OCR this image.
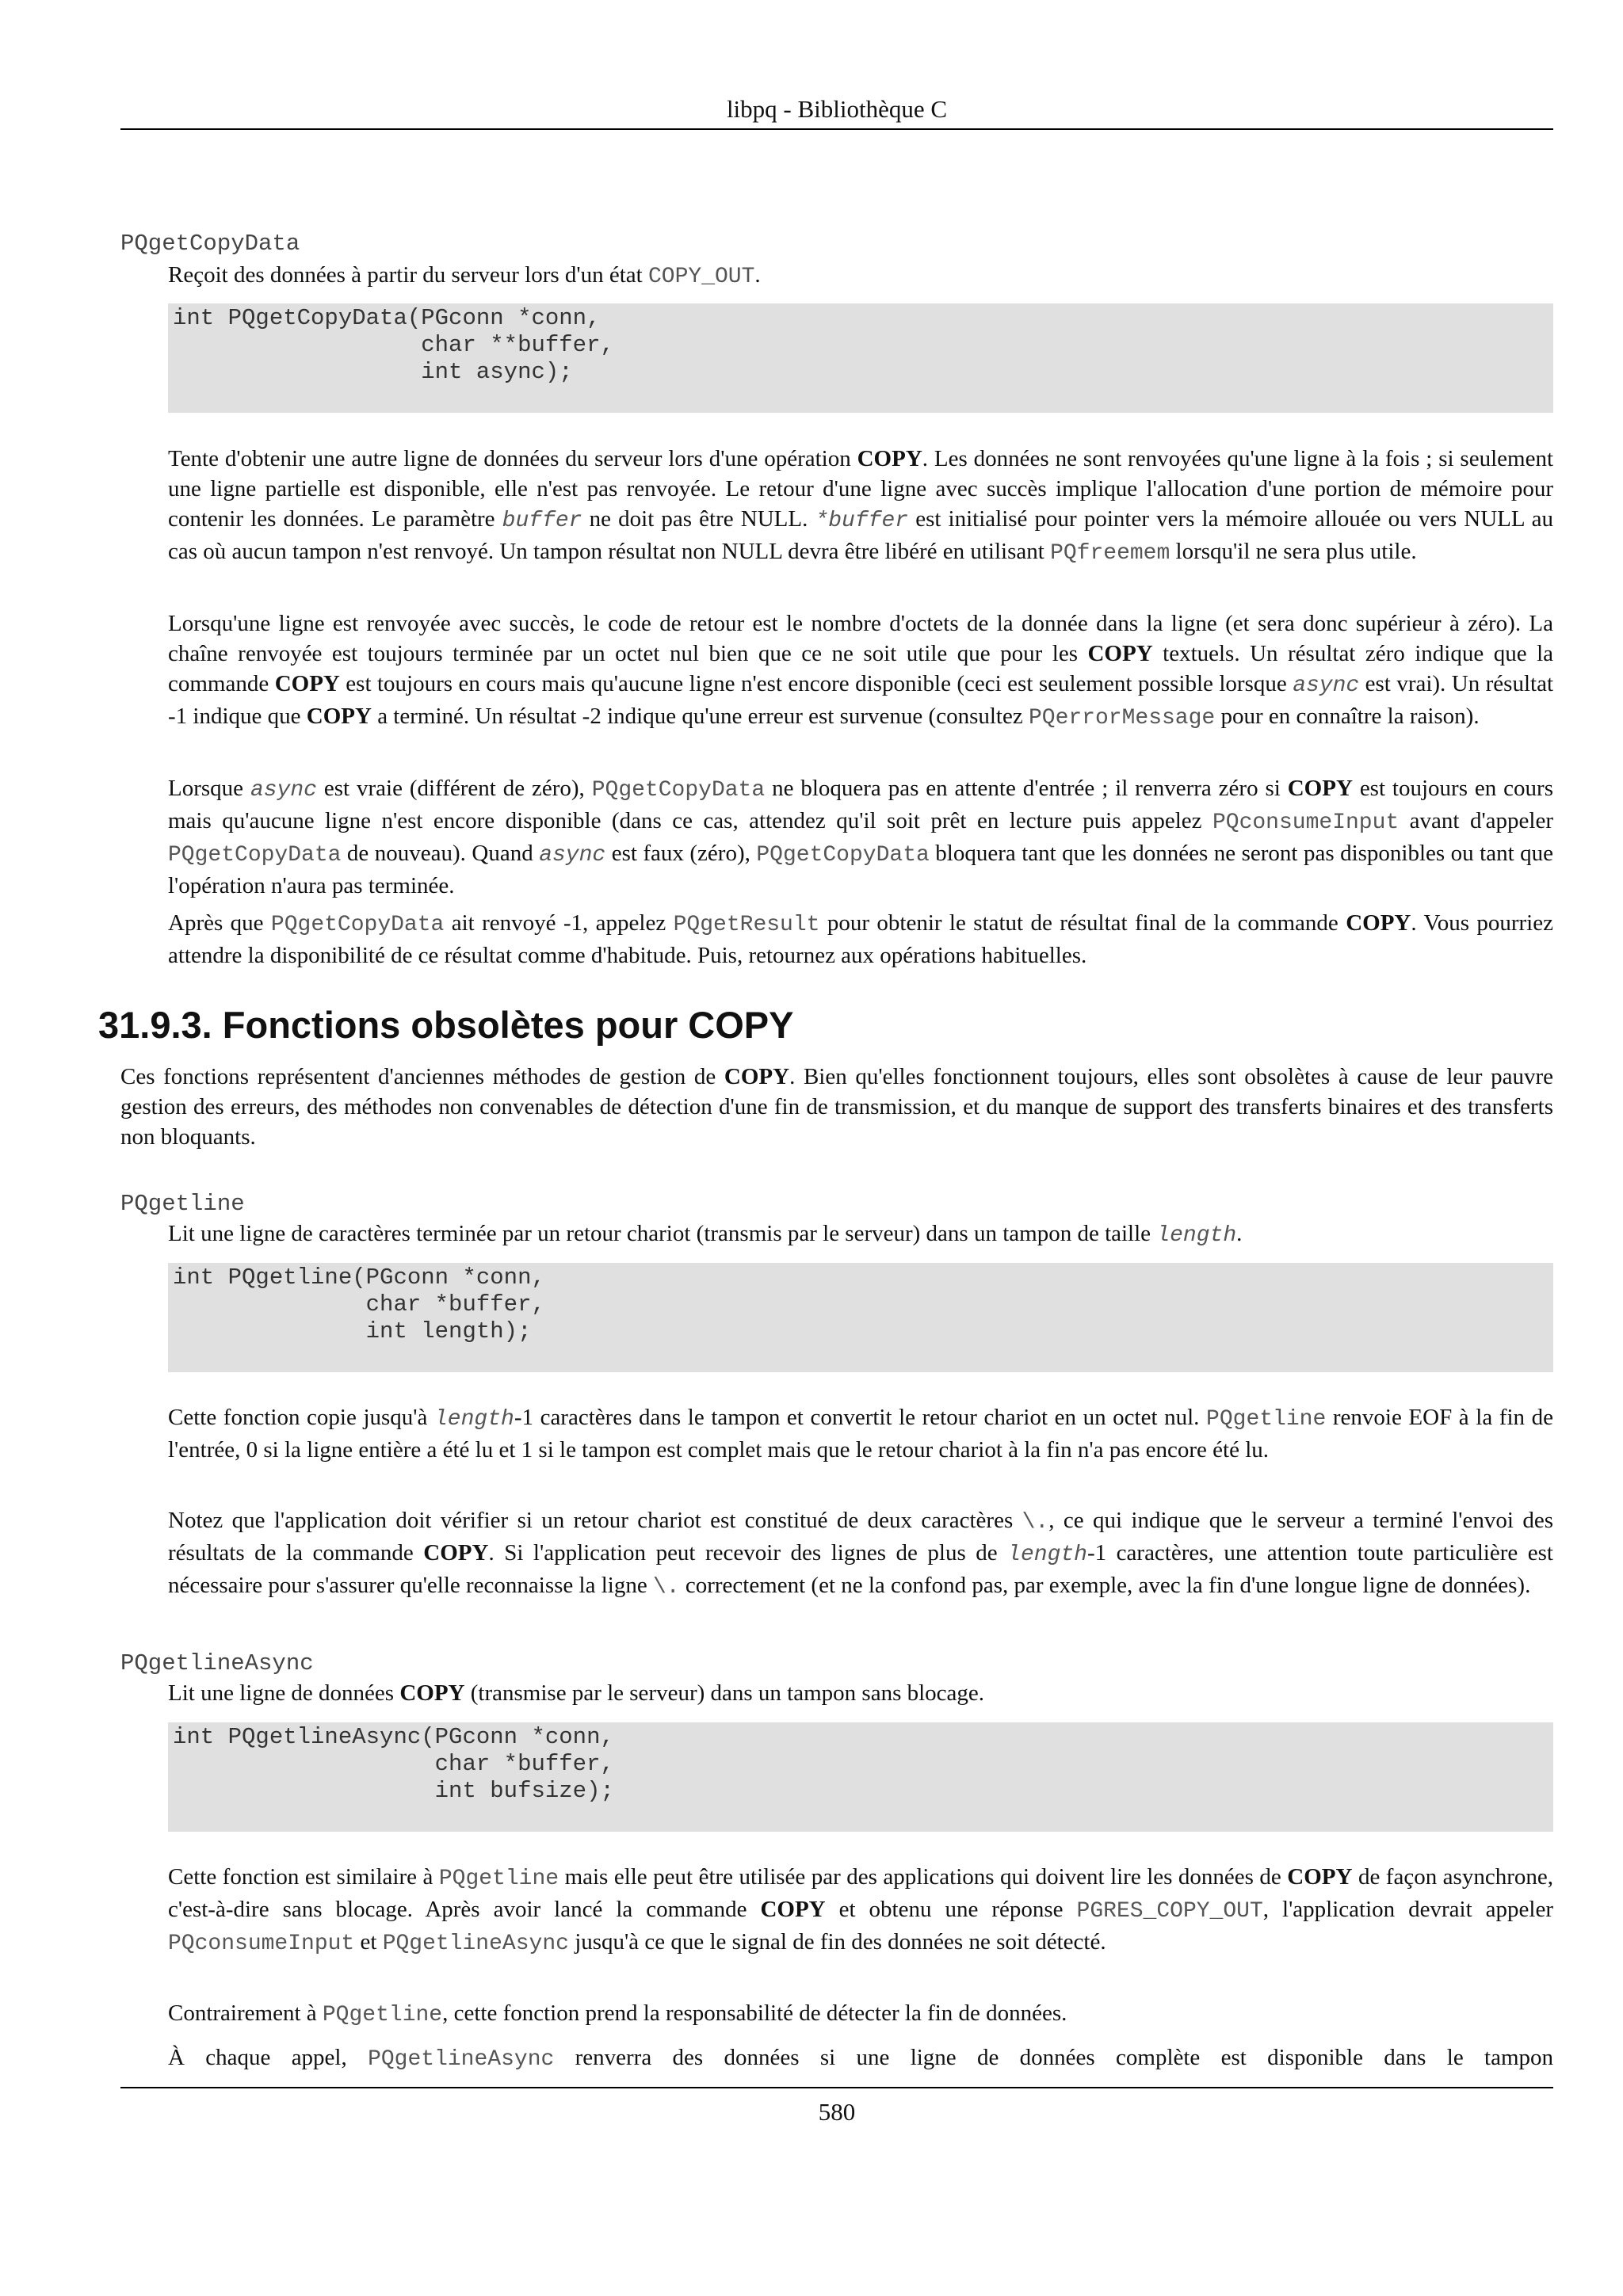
libpq - Bibliothèque C
PQgetCopyData
Reçoit des données à partir du serveur lors d'un état COPY_OUT.
int PQgetCopyData(PGconn *conn,
char **buffer,
int async);
Tente d'obtenir une autre ligne de données du serveur lors d'une opération COPY. Les données ne sont renvoyées qu'une ligne à la fois ; si seulement une ligne partielle est disponible, elle n'est pas renvoyée. Le retour d'une ligne avec succès implique l'allocation d'une portion de mémoire pour contenir les données. Le paramètre buffer ne doit pas être NULL. *buffer est initialisé pour pointer vers la mémoire allouée ou vers NULL au cas où aucun tampon n'est renvoyé. Un tampon résultat non NULL devra être libéré en utilisant PQfreemem lorsqu'il ne sera plus utile.
Lorsqu'une ligne est renvoyée avec succès, le code de retour est le nombre d'octets de la donnée dans la ligne (et sera donc supérieur à zéro). La chaîne renvoyée est toujours terminée par un octet nul bien que ce ne soit utile que pour les COPY textuels. Un résultat zéro indique que la commande COPY est toujours en cours mais qu'aucune ligne n'est encore disponible (ceci est seulement possible lorsque async est vrai). Un résultat -1 indique que COPY a terminé. Un résultat -2 indique qu'une erreur est survenue (consultez PQerrorMessage pour en connaître la raison).
Lorsque async est vraie (différent de zéro), PQgetCopyData ne bloquera pas en attente d'entrée ; il renverra zéro si COPY est toujours en cours mais qu'aucune ligne n'est encore disponible (dans ce cas, attendez qu'il soit prêt en lecture puis appelez PQconsumeInput avant d'appeler PQgetCopyData de nouveau). Quand async est faux (zéro), PQgetCopyData bloquera tant que les données ne seront pas disponibles ou tant que l'opération n'aura pas terminée.
Après que PQgetCopyData ait renvoyé -1, appelez PQgetResult pour obtenir le statut de résultat final de la commande COPY. Vous pourriez attendre la disponibilité de ce résultat comme d'habitude. Puis, retournez aux opérations habituelles.
31.9.3. Fonctions obsolètes pour COPY
Ces fonctions représentent d'anciennes méthodes de gestion de COPY. Bien qu'elles fonctionnent toujours, elles sont obsolètes à cause de leur pauvre gestion des erreurs, des méthodes non convenables de détection d'une fin de transmission, et du manque de support des transferts binaires et des transferts non bloquants.
PQgetline
Lit une ligne de caractères terminée par un retour chariot (transmis par le serveur) dans un tampon de taille length.
int PQgetline(PGconn *conn,
char *buffer,
int length);
Cette fonction copie jusqu'à length-1 caractères dans le tampon et convertit le retour chariot en un octet nul. PQgetline renvoie EOF à la fin de l'entrée, 0 si la ligne entière a été lu et 1 si le tampon est complet mais que le retour chariot à la fin n'a pas encore été lu.
Notez que l'application doit vérifier si un retour chariot est constitué de deux caractères \., ce qui indique que le serveur a terminé l'envoi des résultats de la commande COPY. Si l'application peut recevoir des lignes de plus de length-1 caractères, une attention toute particulière est nécessaire pour s'assurer qu'elle reconnaisse la ligne \. correctement (et ne la confond pas, par exemple, avec la fin d'une longue ligne de données).
PQgetlineAsync
Lit une ligne de données COPY (transmise par le serveur) dans un tampon sans blocage.
int PQgetlineAsync(PGconn *conn,
char *buffer,
int bufsize);
Cette fonction est similaire à PQgetline mais elle peut être utilisée par des applications qui doivent lire les données de COPY de façon asynchrone, c'est-à-dire sans blocage. Après avoir lancé la commande COPY et obtenu une réponse PGRES_COPY_OUT, l'application devrait appeler PQconsumeInput et PQgetlineAsync jusqu'à ce que le signal de fin des données ne soit détecté.
Contrairement à PQgetline, cette fonction prend la responsabilité de détecter la fin de données.
À chaque appel, PQgetlineAsync renverra des données si une ligne de données complète est disponible dans le tampon
580
